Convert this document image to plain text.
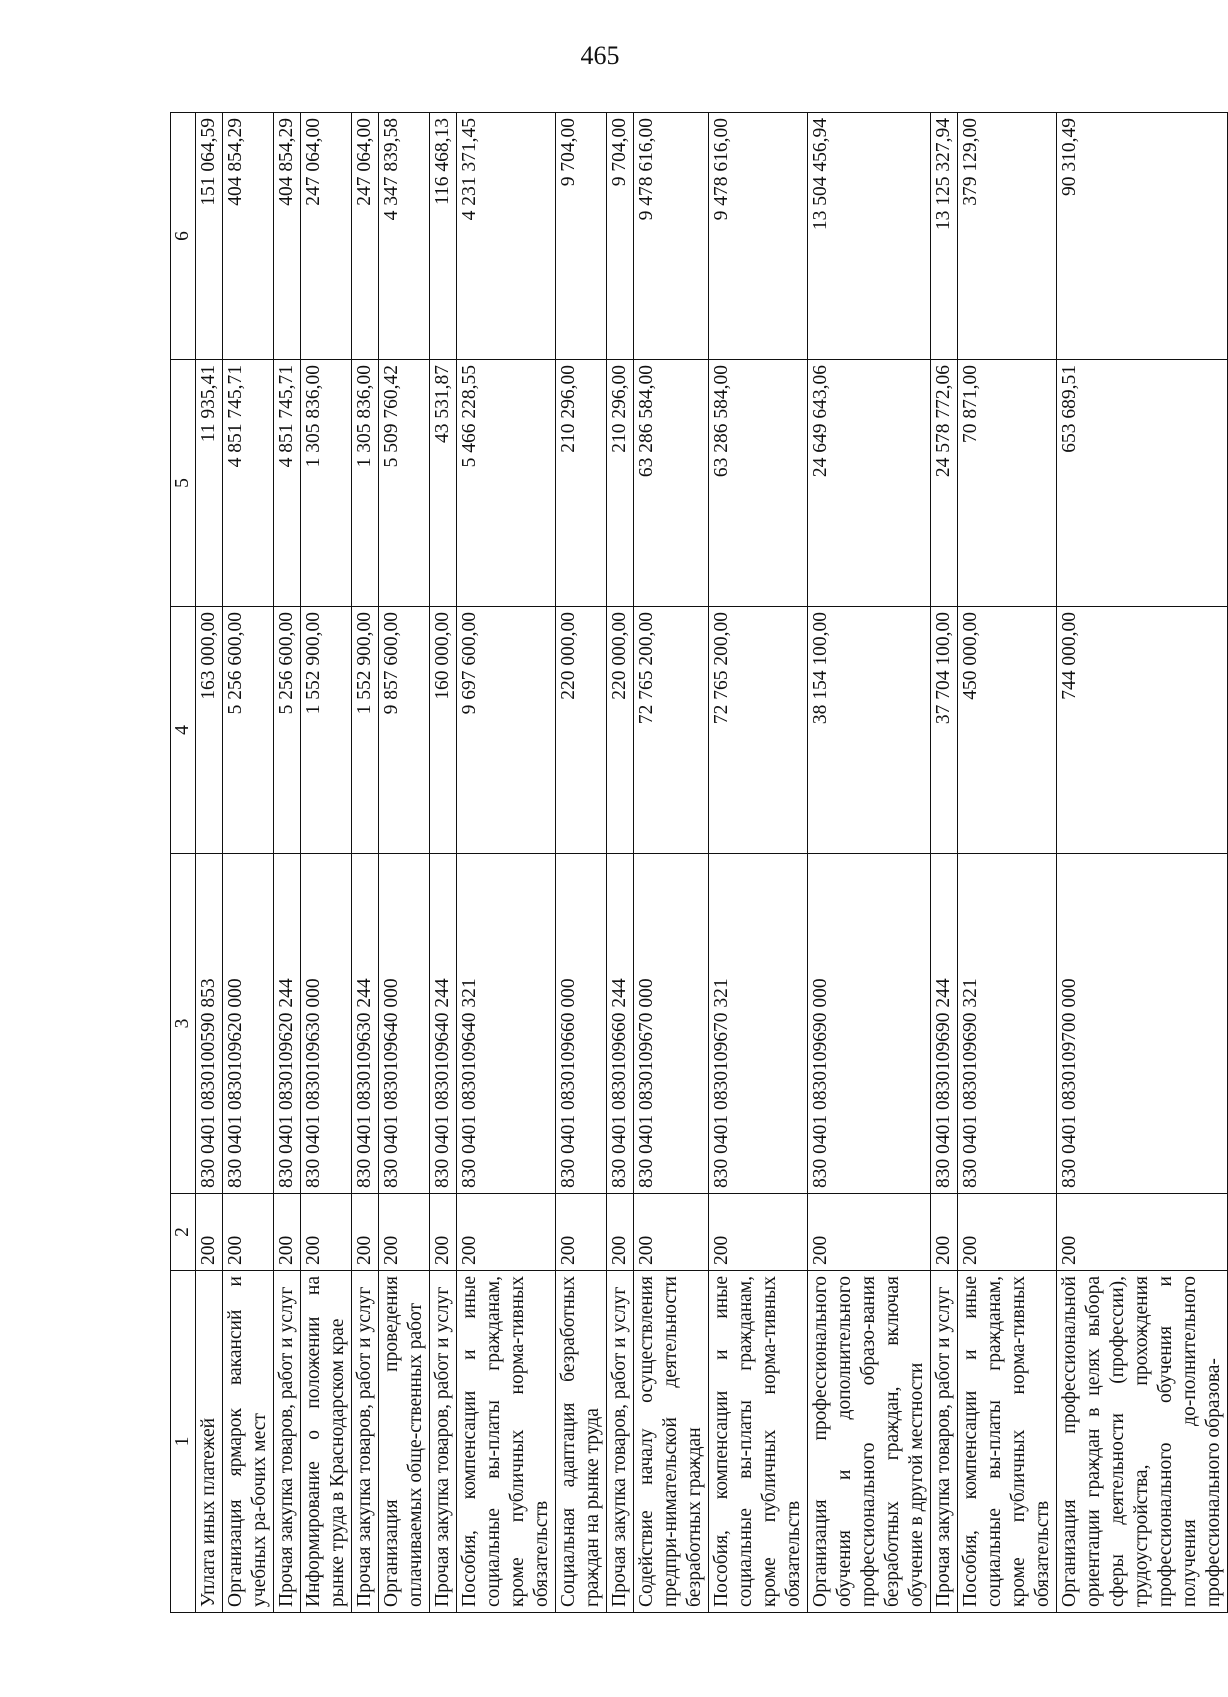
465
1	2	3	4	5	6
Уплата иных платежей	200	830 0401 0830100590 853	163 000,00	11 935,41	151 064,59
Организация ярмарок вакансий и учебных ра-бочих мест	200	830 0401 0830109620 000	5 256 600,00	4 851 745,71	404 854,29
Прочая закупка товаров, работ и услуг	200	830 0401 0830109620 244	5 256 600,00	4 851 745,71	404 854,29
Информирование о положении на рынке труда в Краснодарском крае	200	830 0401 0830109630 000	1 552 900,00	1 305 836,00	247 064,00
Прочая закупка товаров, работ и услуг	200	830 0401 0830109630 244	1 552 900,00	1 305 836,00	247 064,00
Организация проведения оплачиваемых обще-ственных работ	200	830 0401 0830109640 000	9 857 600,00	5 509 760,42	4 347 839,58
Прочая закупка товаров, работ и услуг	200	830 0401 0830109640 244	160 000,00	43 531,87	116 468,13
Пособия, компенсации и иные социальные вы-платы гражданам, кроме публичных норма-тивных обязательств	200	830 0401 0830109640 321	9 697 600,00	5 466 228,55	4 231 371,45
Социальная адаптация безработных граждан на рынке труда	200	830 0401 0830109660 000	220 000,00	210 296,00	9 704,00
Прочая закупка товаров, работ и услуг	200	830 0401 0830109660 244	220 000,00	210 296,00	9 704,00
Содействие началу осуществления предпри-нимательской деятельности безработных граждан	200	830 0401 0830109670 000	72 765 200,00	63 286 584,00	9 478 616,00
Пособия, компенсации и иные социальные вы-платы гражданам, кроме публичных норма-тивных обязательств	200	830 0401 0830109670 321	72 765 200,00	63 286 584,00	9 478 616,00
Организация профессионального обучения и дополнительного профессионального образо-вания безработных граждан, включая обучение в другой местности	200	830 0401 0830109690 000	38 154 100,00	24 649 643,06	13 504 456,94
Прочая закупка товаров, работ и услуг	200	830 0401 0830109690 244	37 704 100,00	24 578 772,06	13 125 327,94
Пособия, компенсации и иные социальные вы-платы гражданам, кроме публичных норма-тивных обязательств	200	830 0401 0830109690 321	450 000,00	70 871,00	379 129,00
Организация профессиональной ориентации граждан в целях выбора сферы деятельности (профессии), трудоустройства, прохождения профессионального обучения и получения до-полнительного профессионального образова-	200	830 0401 0830109700 000	744 000,00	653 689,51	90 310,49
